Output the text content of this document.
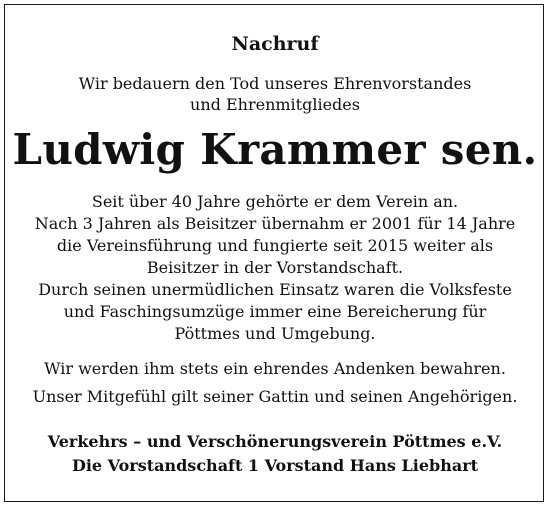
Nachruf
Wir bedauern den Tod unseres Ehrenvorstandes
und Ehrenmitgliedes
Ludwig Krammer sen.
Seit über 40 Jahre gehörte er dem Verein an.
Nach 3 Jahren als Beisitzer übernahm er 2001 für 14 Jahre
die Vereinsführung und fungierte seit 2015 weiter als
Beisitzer in der Vorstandschaft.
Durch seinen unermüdlichen Einsatz waren die Volksfeste
und Faschingsumzüge immer eine Bereicherung für
Pöttmes und Umgebung.
Wir werden ihm stets ein ehrendes Andenken bewahren.
Unser Mitgefühl gilt seiner Gattin und seinen Angehörigen.
Verkehrs – und Verschönerungsverein Pöttmes e.V.
Die Vorstandschaft 1 Vorstand Hans Liebhart
